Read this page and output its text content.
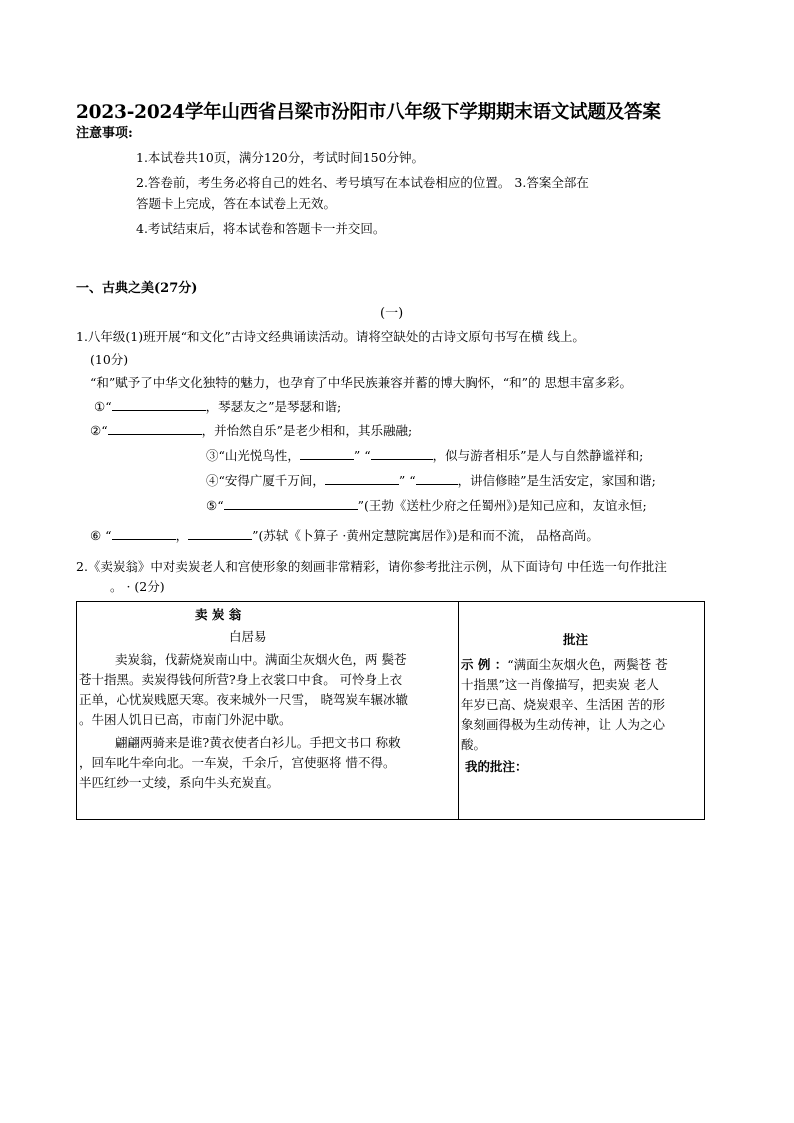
2023-2024学年山西省吕梁市汾阳市八年级下学期期末语文试题及答案
注意事项:
1.本试卷共10页，满分120分，考试时间150分钟。
2.答卷前，考生务必将自己的姓名、考号填写在本试卷相应的位置。 3.答案全部在
答题卡上完成，答在本试卷上无效。
4.考试结束后，将本试卷和答题卡一并交回。
一、古典之美(27分)
(一)
1.八年级(1)班开展“和文化”古诗文经典诵读活动。请将空缺处的古诗文原句书写在横 线上。
(10分)
“和”赋予了中华文化独特的魅力，也孕育了中华民族兼容并蓄的博大胸怀，“和”的 思想丰富多彩。
①“	，琴瑟友之”是琴瑟和谐;
②“	，并怡然自乐”是老少相和，其乐融融;
③“山光悦鸟性，	” “	，似与游者相乐”是人与自然静谧祥和;
④“安得广厦千万间，	” “	，讲信修睦”是生活安定，家国和谐;
⑤“	”(王勃《送杜少府之任蜀州》)是知己应和，友谊永恒;
⑥ “	，	”(苏轼《卜算子 ·黄州定慧院寓居作》)是和而不流， 品格高尚。
2.《卖炭翁》中对卖炭老人和宫使形象的刻画非常精彩，请你参考批注示例，从下面诗句 中任选一句作批注
。 · (2分)
卖 炭 翁
白居易
卖炭翁，伐薪烧炭南山中。满面尘灰烟火色，两 鬓苍
苍十指黑。卖炭得钱何所营?身上衣裳口中食。 可怜身上衣
正单，心忧炭贱愿天寒。夜来城外一尺雪， 晓驾炭车辗冰辙
。牛困人饥日已高，市南门外泥中歇。
翩翩两骑来是谁?黄衣使者白衫儿。手把文书口 称敕
，回车叱牛牵向北。一车炭，千余斤，宫使驱将 惜不得。
半匹红纱一丈绫，系向牛头充炭直。

批注
示 例 ：“满面尘灰烟火色，两鬓苍 苍
十指黑”这一肖像描写，把卖炭 老人
年岁已高、烧炭艰辛、生活困 苦的形
象刻画得极为生动传神，让 人为之心
酸。
我的批注：
